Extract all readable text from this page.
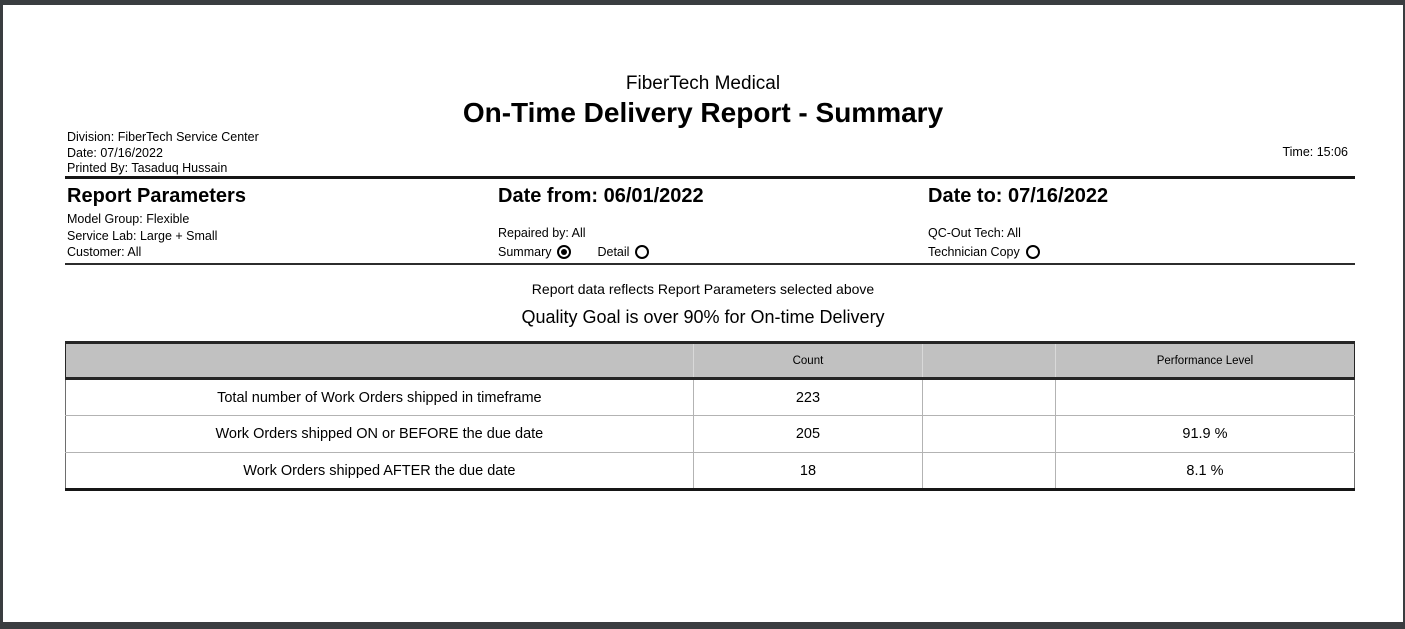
FiberTech Medical
On-Time Delivery Report - Summary
Division: FiberTech Service Center
Date: 07/16/2022
Printed By: Tasaduq Hussain
Time: 15:06
Report Parameters
Model Group: Flexible
Service Lab: Large + Small
Customer: All
Date from: 06/01/2022
Repaired by: All
Summary	Detail
Date to: 07/16/2022
QC-Out Tech: All
Technician Copy
Report data reflects Report Parameters selected above
Quality Goal is over 90% for On-time Delivery
	Count		Performance Level
Total number of Work Orders shipped in timeframe	223		
Work Orders shipped ON or BEFORE the due date	205		91.9 %
Work Orders shipped AFTER the due date	18		8.1 %
